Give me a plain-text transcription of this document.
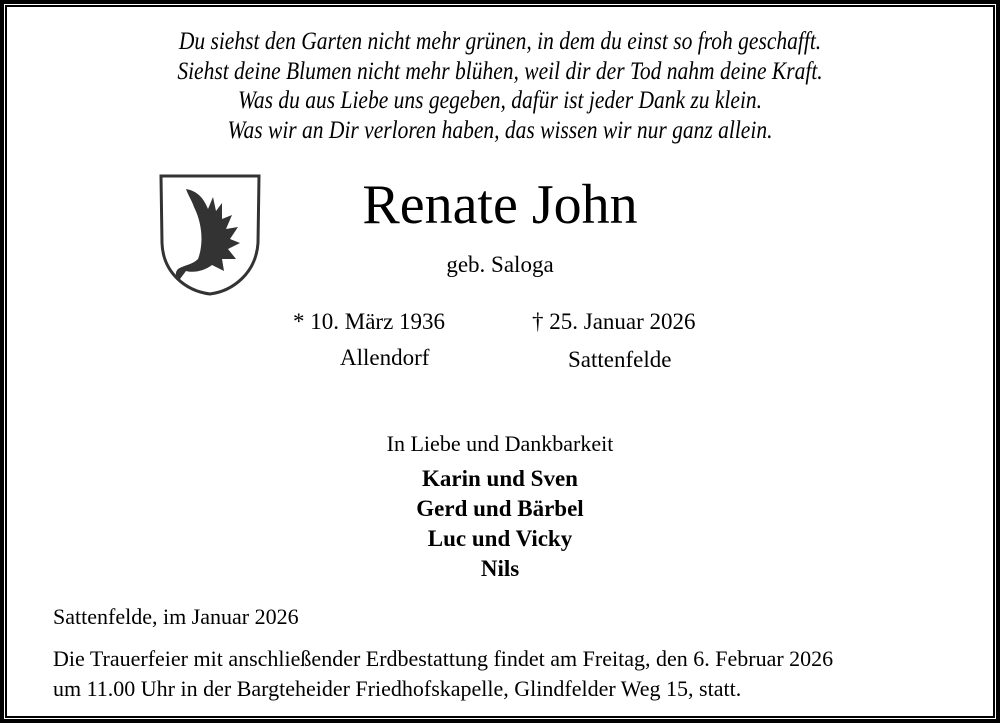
Du siehst den Garten nicht mehr grünen, in dem du einst so froh geschafft.
Siehst deine Blumen nicht mehr blühen, weil dir der Tod nahm deine Kraft.
Was du aus Liebe uns gegeben, dafür ist jeder Dank zu klein.
Was wir an Dir verloren haben, das wissen wir nur ganz allein.
Renate John
geb. Saloga
* 10. März 1936
Allendorf
† 25. Januar 2026
Sattenfelde
In Liebe und Dankbarkeit
Karin und Sven
Gerd und Bärbel
Luc und Vicky
Nils
Sattenfelde, im Januar 2026
Die Trauerfeier mit anschließender Erdbestattung findet am Freitag, den 6. Februar 2026
um 11.00 Uhr in der Bargteheider Friedhofskapelle, Glindfelder Weg 15, statt.
